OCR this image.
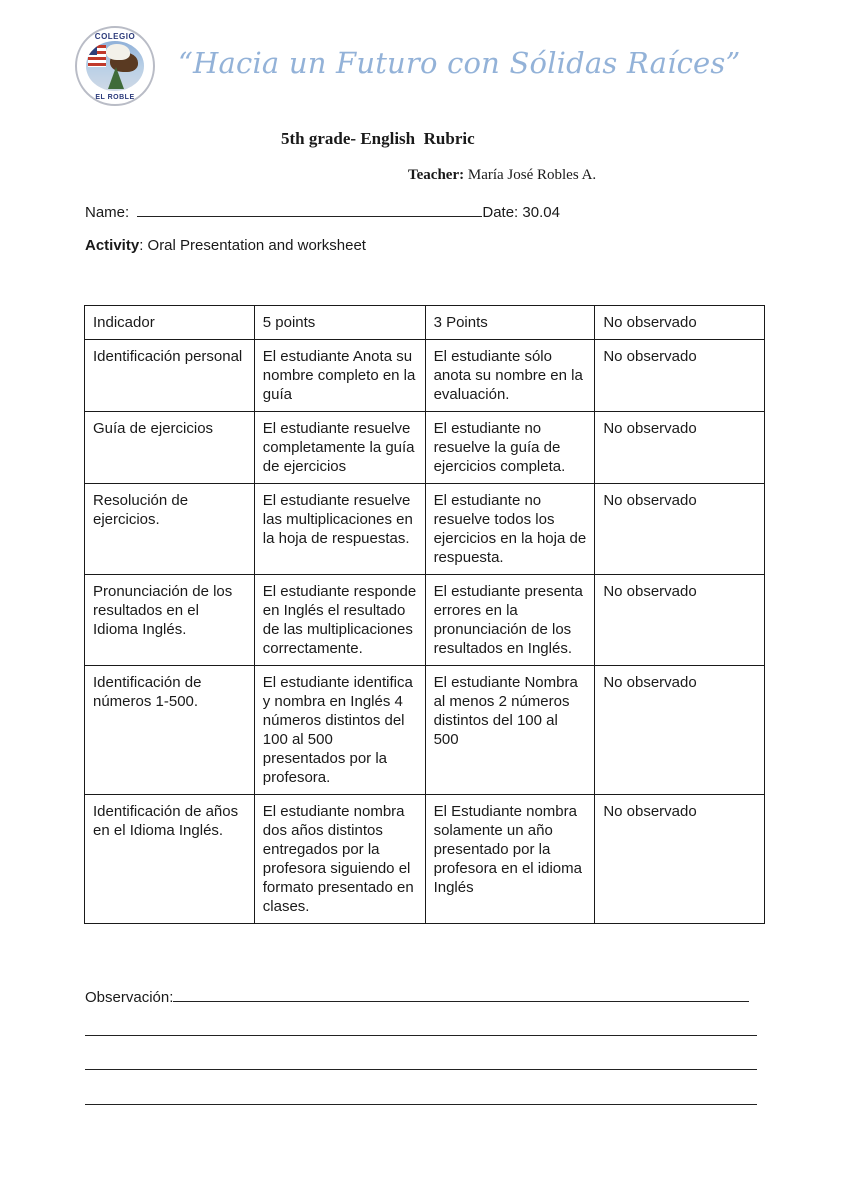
COLEGIO
EL ROBLE
“Hacia un Futuro con Sólidas Raíces”
5th grade- English  Rubric
Teacher: María José Robles A.
Name:	Date: 30.04
Activity: Oral Presentation and worksheet
Indicador	5 points	3 Points	No observado
Identificación personal	El estudiante Anota su nombre completo en la guía	El estudiante sólo anota su nombre en la evaluación.	No observado
Guía de ejercicios	El estudiante resuelve completamente la guía de ejercicios	El estudiante no resuelve la guía de ejercicios completa.	No observado
Resolución de ejercicios.	El estudiante resuelve las multiplicaciones en la hoja de respuestas.	El estudiante no resuelve todos los ejercicios en la hoja de respuesta.	No observado
Pronunciación de los resultados en el Idioma Inglés.	El estudiante responde en Inglés el resultado de las multiplicaciones correctamente.	El estudiante presenta errores en la pronunciación de los resultados en Inglés.	No observado
Identificación de números 1-500.	El estudiante identifica y nombra en Inglés 4 números distintos del 100 al 500 presentados por la profesora.	El estudiante Nombra al menos 2 números distintos del 100 al 500	No observado
Identificación de años en el Idioma Inglés.	El estudiante nombra dos años distintos entregados por la profesora siguiendo el formato presentado en clases.	El Estudiante nombra solamente un año presentado por la profesora en el idioma Inglés	No observado
Observación:
